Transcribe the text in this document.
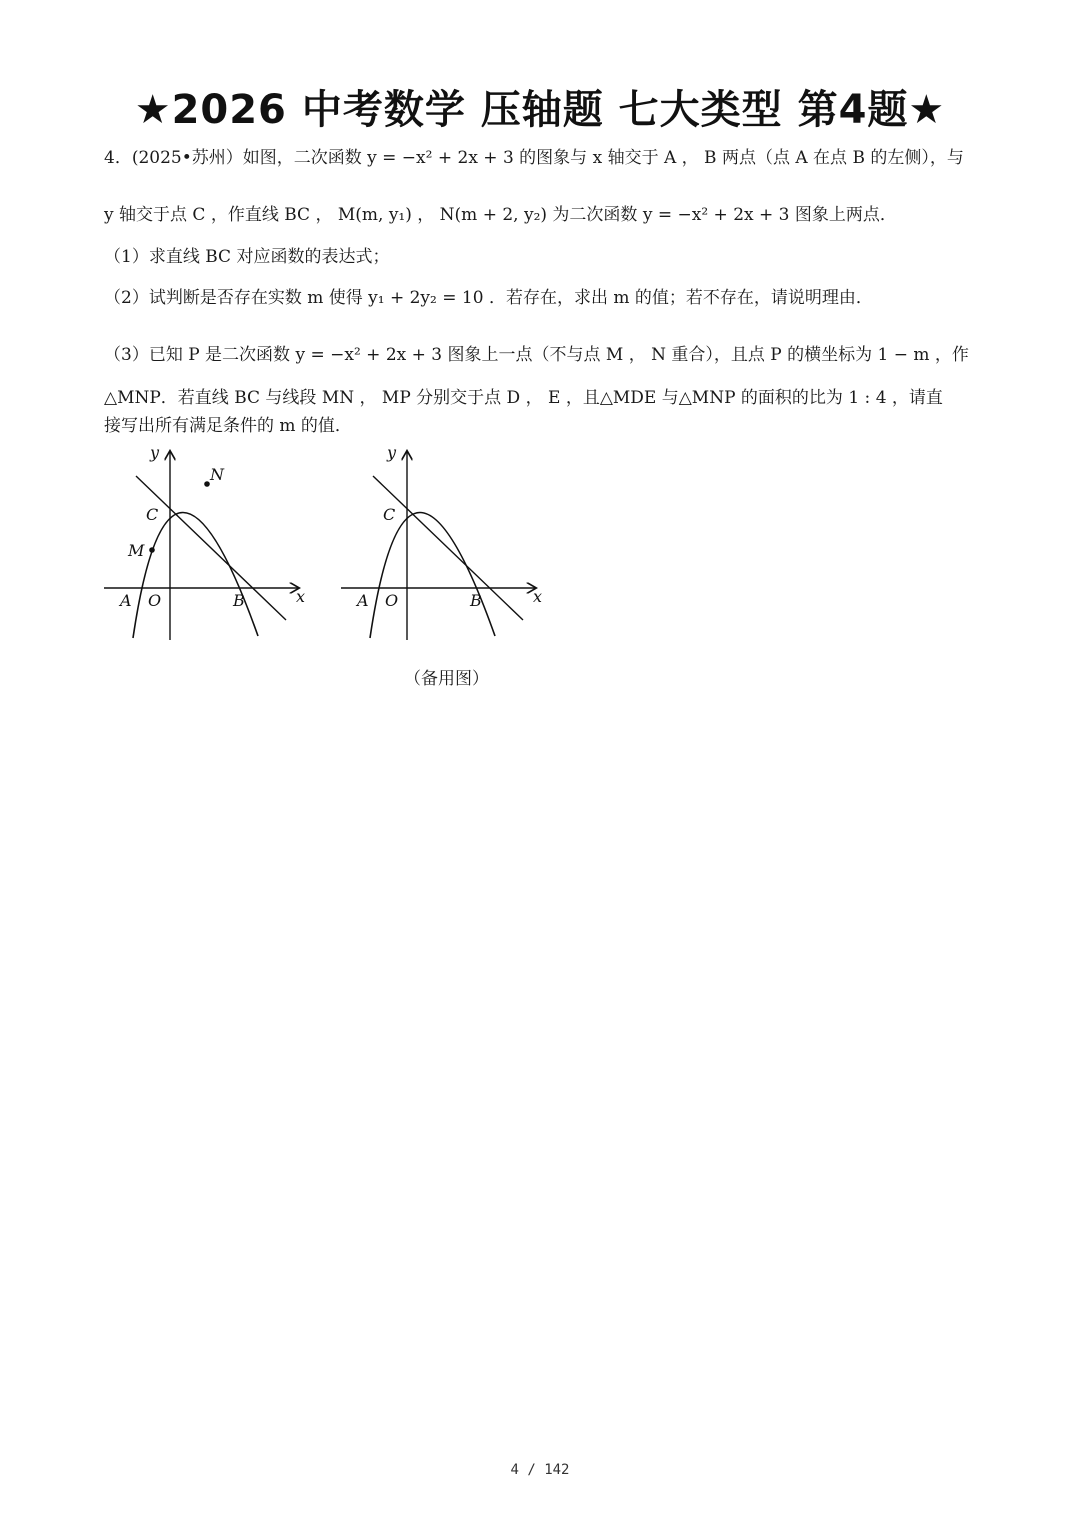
★2026 中考数学 压轴题 七大类型 第4题★
4．(2025•苏州）如图，二次函数 y = −x² + 2x + 3 的图象与 x 轴交于 A ， B 两点（点 A 在点 B 的左侧），与
y 轴交于点 C ，作直线 BC ， M(m, y₁) ， N(m + 2, y₂) 为二次函数 y = −x² + 2x + 3 图象上两点．
（1）求直线 BC 对应函数的表达式；
（2）试判断是否存在实数 m 使得 y₁ + 2y₂ = 10 ．若存在，求出 m 的值；若不存在，请说明理由．
（3）已知 P 是二次函数 y = −x² + 2x + 3 图象上一点（不与点 M ， N 重合），且点 P 的横坐标为 1 − m ，作
△MNP．若直线 BC 与线段 MN ， MP 分别交于点 D ， E ，且△MDE 与△MNP 的面积的比为 1 : 4 ，请直
接写出所有满足条件的 m 的值．
y
x
C
M
N
A O	B
y
x
C
A O	B
（备用图）
4 / 142
